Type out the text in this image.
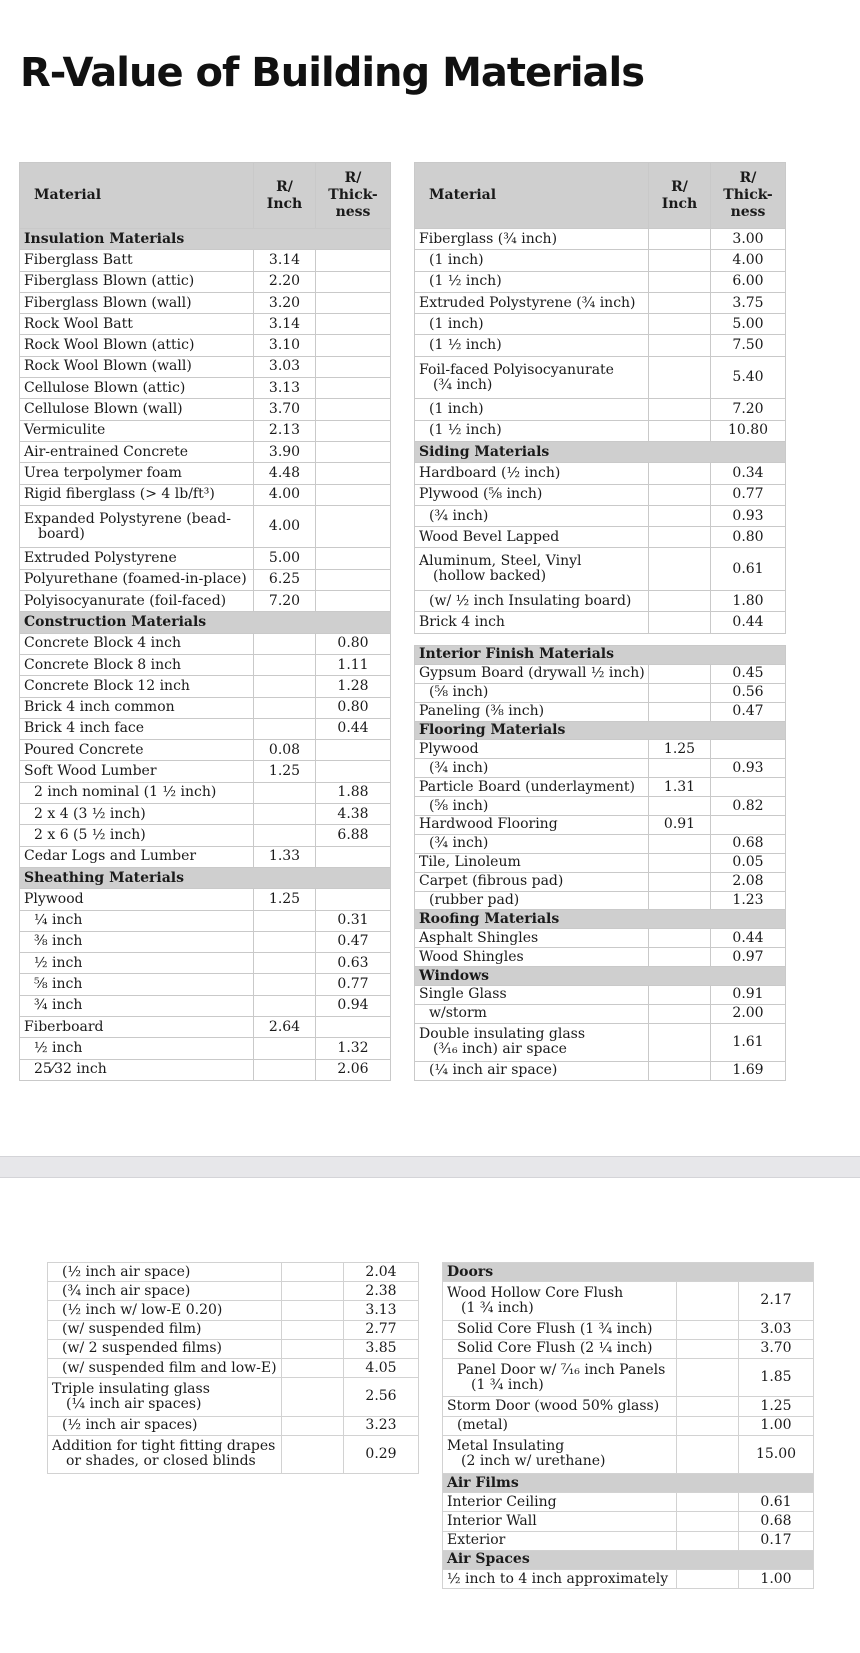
R-Value of Building Materials
Material	R/ Inch	R/ Thick- ness
Insulation Materials		

Fiberglass Batt	3.14	

Fiberglass Blown (attic)	2.20	

Fiberglass Blown (wall)	3.20	

Rock Wool Batt	3.14	

Rock Wool Blown (attic)	3.10	

Rock Wool Blown (wall)	3.03	

Cellulose Blown (attic)	3.13	

Cellulose Blown (wall)	3.70	

Vermiculite	2.13	

Air-entrained Concrete	3.90	

Urea terpolymer foam	4.48	

Rigid fiberglass (> 4 lb/ft³)	4.00	

Expanded Polystyrene (bead-
board)	4.00	

Extruded Polystyrene	5.00	

Polyurethane (foamed-in-place)	6.25	

Polyisocyanurate (foil-faced)	7.20	
Construction Materials		

Concrete Block 4 inch		0.80

Concrete Block 8 inch		1.11

Concrete Block 12 inch		1.28

Brick 4 inch common		0.80

Brick 4 inch face		0.44

Poured Concrete	0.08	

Soft Wood Lumber	1.25	

2 inch nominal (1 ½ inch)		1.88

2 x 4 (3 ½ inch)		4.38

2 x 6 (5 ½ inch)		6.88

Cedar Logs and Lumber	1.33	
Sheathing Materials		

Plywood	1.25	

¼ inch		0.31

⅜ inch		0.47

½ inch		0.63

⅝ inch		0.77

¾ inch		0.94

Fiberboard	2.64	

½ inch		1.32

25⁄32 inch		2.06
Material	R/ Inch	R/ Thick- ness

Fiberglass (¾ inch)		3.00

(1 inch)		4.00

(1 ½ inch)		6.00

Extruded Polystyrene (¾ inch)		3.75

(1 inch)		5.00

(1 ½ inch)		7.50

Foil-faced Polyisocyanurate
(¾ inch)		5.40

(1 inch)		7.20

(1 ½ inch)		10.80
Siding Materials		

Hardboard (½ inch)		0.34

Plywood (⅝ inch)		0.77

(¾ inch)		0.93

Wood Bevel Lapped		0.80

Aluminum, Steel, Vinyl
(hollow backed)		0.61

(w/ ½ inch Insulating board)		1.80

Brick 4 inch		0.44
Interior Finish Materials		

Gypsum Board (drywall ½ inch)		0.45

(⅝ inch)		0.56

Paneling (⅜ inch)		0.47
Flooring Materials		

Plywood	1.25	

(¾ inch)		0.93

Particle Board (underlayment)	1.31	

(⅝ inch)		0.82

Hardwood Flooring	0.91	

(¾ inch)		0.68

Tile, Linoleum		0.05

Carpet (fibrous pad)		2.08

(rubber pad)		1.23
Roofing Materials		

Asphalt Shingles		0.44

Wood Shingles		0.97
Windows		

Single Glass		0.91

w/storm		2.00

Double insulating glass
(³⁄₁₆ inch) air space		1.61

(¼ inch air space)		1.69
(½ inch air space)		2.04

(¾ inch air space)		2.38

(½ inch w/ low-E 0.20)		3.13

(w/ suspended film)		2.77

(w/ 2 suspended films)		3.85

(w/ suspended film and low-E)		4.05

Triple insulating glass
(¼ inch air spaces)		2.56

(½ inch air spaces)		3.23

Addition for tight fitting drapes
or shades, or closed blinds		0.29
Doors		

Wood Hollow Core Flush
(1 ¾ inch)		2.17

Solid Core Flush (1 ¾ inch)		3.03

Solid Core Flush (2 ¼ inch)		3.70

Panel Door w/ ⁷⁄₁₆ inch Panels
(1 ¾ inch)		1.85

Storm Door (wood 50% glass)		1.25

(metal)		1.00

Metal Insulating
(2 inch w/ urethane)		15.00
Air Films		

Interior Ceiling		0.61

Interior Wall		0.68

Exterior		0.17
Air Spaces		

½ inch to 4 inch approximately		1.00
